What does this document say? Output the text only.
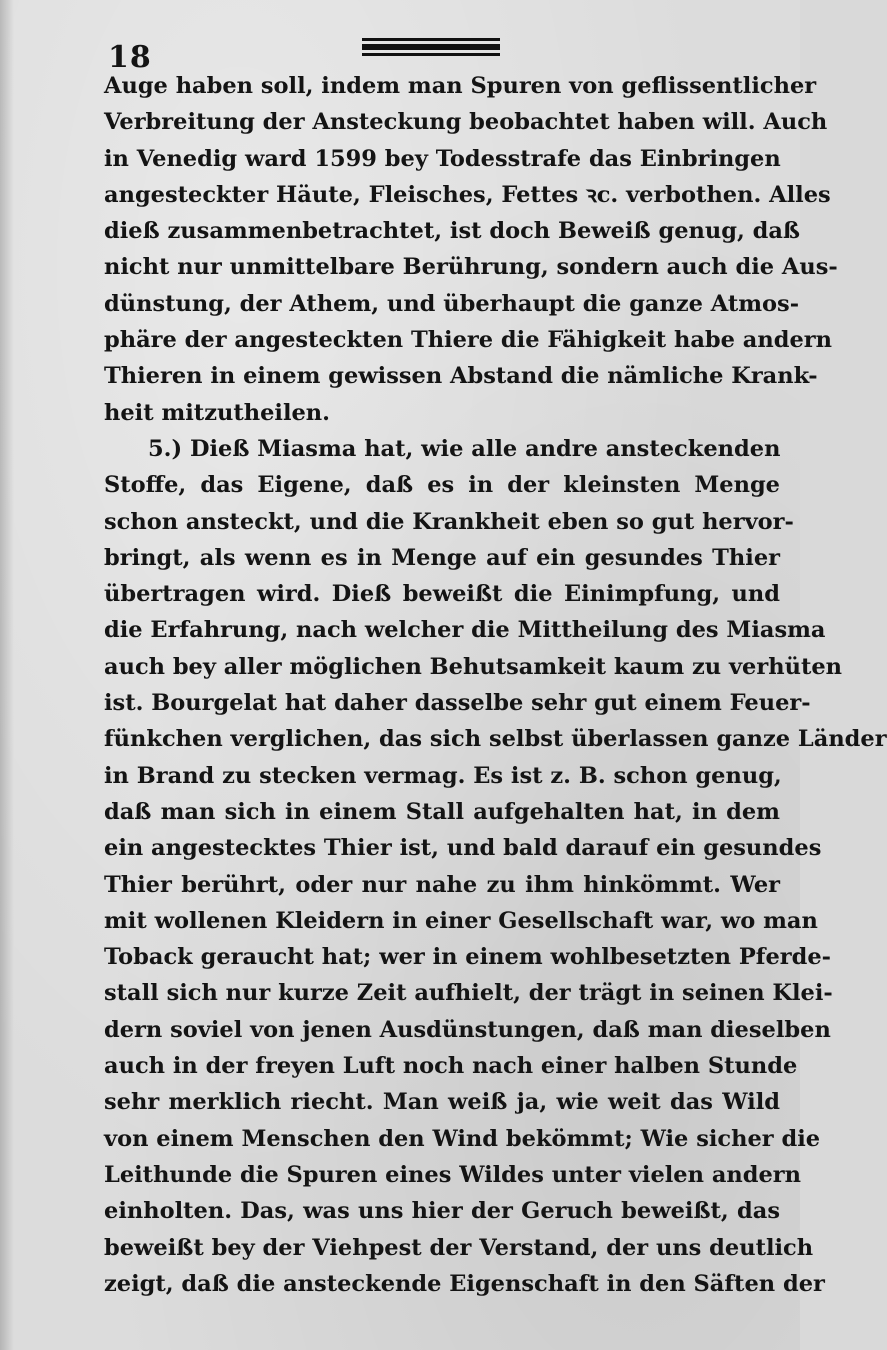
18
Auge haben soll, indem man Spuren von geflissentlicher
Verbreitung der Ansteckung beobachtet haben will. Auch
in Venedig ward 1599 bey Todesstrafe das Einbringen
angesteckter Häute, Fleisches, Fettes ꝛc. verbothen. Alles
dieß zusammenbetrachtet, ist doch Beweiß genug, daß
nicht nur unmittelbare Berührung, sondern auch die Aus-
dünstung, der Athem, und überhaupt die ganze Atmos-
phäre der angesteckten Thiere die Fähigkeit habe andern
Thieren in einem gewissen Abstand die nämliche Krank-
heit mitzutheilen.
5.) Dieß Miasma hat, wie alle andre ansteckenden
Stoffe, das Eigene, daß es in der kleinsten Menge
schon ansteckt, und die Krankheit eben so gut hervor-
bringt, als wenn es in Menge auf ein gesundes Thier
übertragen wird. Dieß beweißt die Einimpfung, und
die Erfahrung, nach welcher die Mittheilung des Miasma
auch bey aller möglichen Behutsamkeit kaum zu verhüten
ist. Bourgelat hat daher dasselbe sehr gut einem Feuer-
fünkchen verglichen, das sich selbst überlassen ganze Länder
in Brand zu stecken vermag. Es ist z. B. schon genug,
daß man sich in einem Stall aufgehalten hat, in dem
ein angestecktes Thier ist, und bald darauf ein gesundes
Thier berührt, oder nur nahe zu ihm hinkömmt. Wer
mit wollenen Kleidern in einer Gesellschaft war, wo man
Toback geraucht hat; wer in einem wohlbesetzten Pferde-
stall sich nur kurze Zeit aufhielt, der trägt in seinen Klei-
dern soviel von jenen Ausdünstungen, daß man dieselben
auch in der freyen Luft noch nach einer halben Stunde
sehr merklich riecht. Man weiß ja, wie weit das Wild
von einem Menschen den Wind bekömmt; Wie sicher die
Leithunde die Spuren eines Wildes unter vielen andern
einholten. Das, was uns hier der Geruch beweißt, das
beweißt bey der Viehpest der Verstand, der uns deutlich
zeigt, daß die ansteckende Eigenschaft in den Säften der
